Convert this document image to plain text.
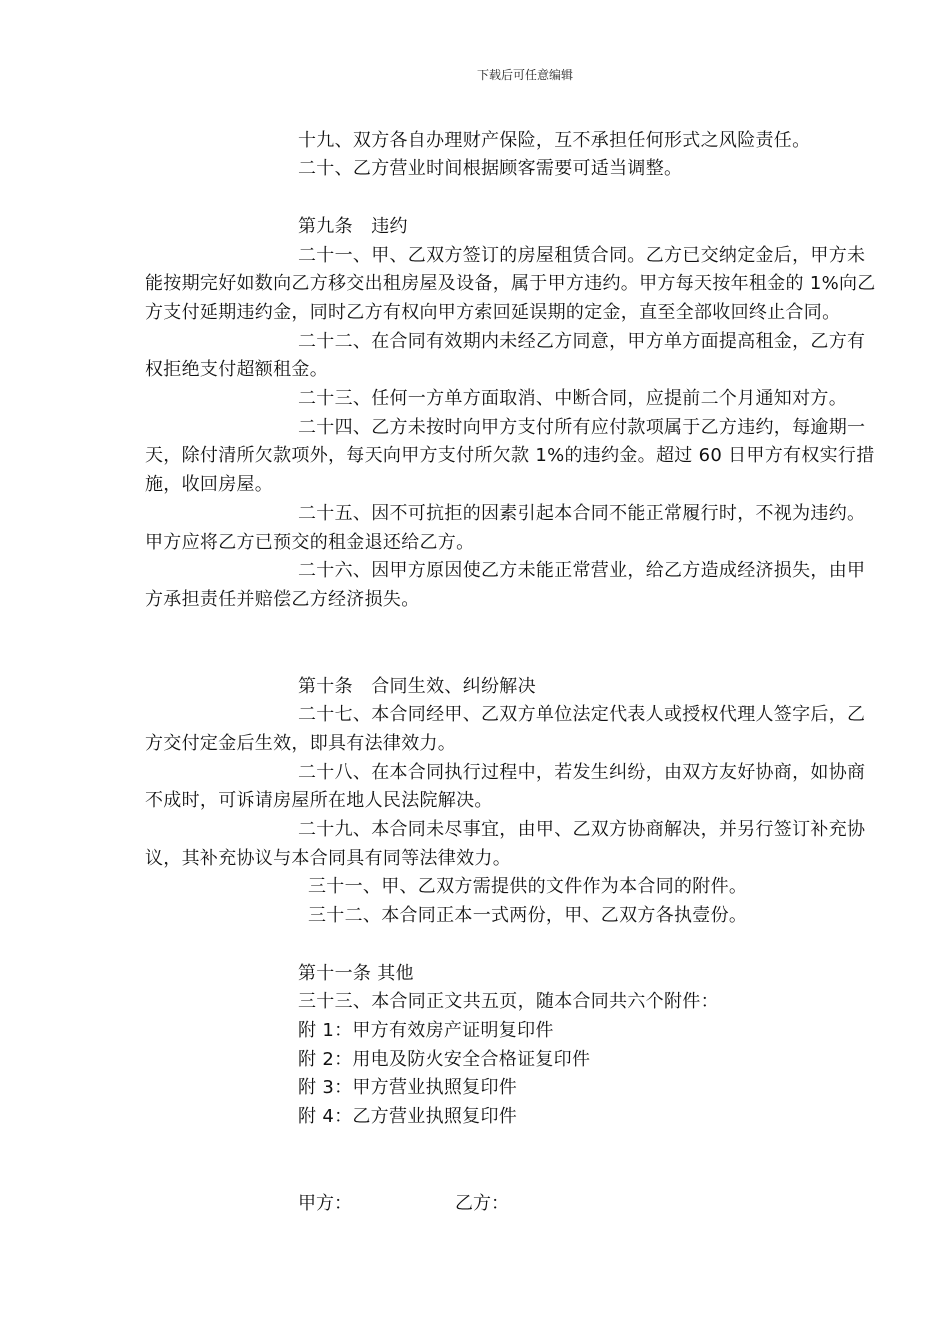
下载后可任意编辑
十九、双方各自办理财产保险，互不承担任何形式之风险责任。
二十、乙方营业时间根据顾客需要可适当调整。
第九条　违约
二十一、甲、乙双方签订的房屋租赁合同。乙方已交纳定金后，甲方未
能按期完好如数向乙方移交出租房屋及设备，属于甲方违约。甲方每天按年租金的 1%向乙
方支付延期违约金，同时乙方有权向甲方索回延误期的定金，直至全部收回终止合同。
二十二、在合同有效期内未经乙方同意，甲方单方面提高租金，乙方有
权拒绝支付超额租金。
二十三、任何一方单方面取消、中断合同，应提前二个月通知对方。
二十四、乙方未按时向甲方支付所有应付款项属于乙方违约，每逾期一
天，除付清所欠款项外，每天向甲方支付所欠款 1%的违约金。超过 60 日甲方有权实行措
施，收回房屋。
二十五、因不可抗拒的因素引起本合同不能正常履行时，不视为违约。
甲方应将乙方已预交的租金退还给乙方。
二十六、因甲方原因使乙方未能正常营业，给乙方造成经济损失，由甲
方承担责任并赔偿乙方经济损失。
第十条　合同生效、纠纷解决
二十七、本合同经甲、乙双方单位法定代表人或授权代理人签字后，乙
方交付定金后生效，即具有法律效力。
二十八、在本合同执行过程中，若发生纠纷，由双方友好协商，如协商
不成时，可诉请房屋所在地人民法院解决。
二十九、本合同未尽事宜，由甲、乙双方协商解决，并另行签订补充协
议，其补充协议与本合同具有同等法律效力。
三十一、甲、乙双方需提供的文件作为本合同的附件。
三十二、本合同正本一式两份，甲、乙双方各执壹份。
第十一条 其他
三十三、本合同正文共五页，随本合同共六个附件：
附 1：甲方有效房产证明复印件
附 2：用电及防火安全合格证复印件
附 3：甲方营业执照复印件
附 4：乙方营业执照复印件
甲方：	乙方：
